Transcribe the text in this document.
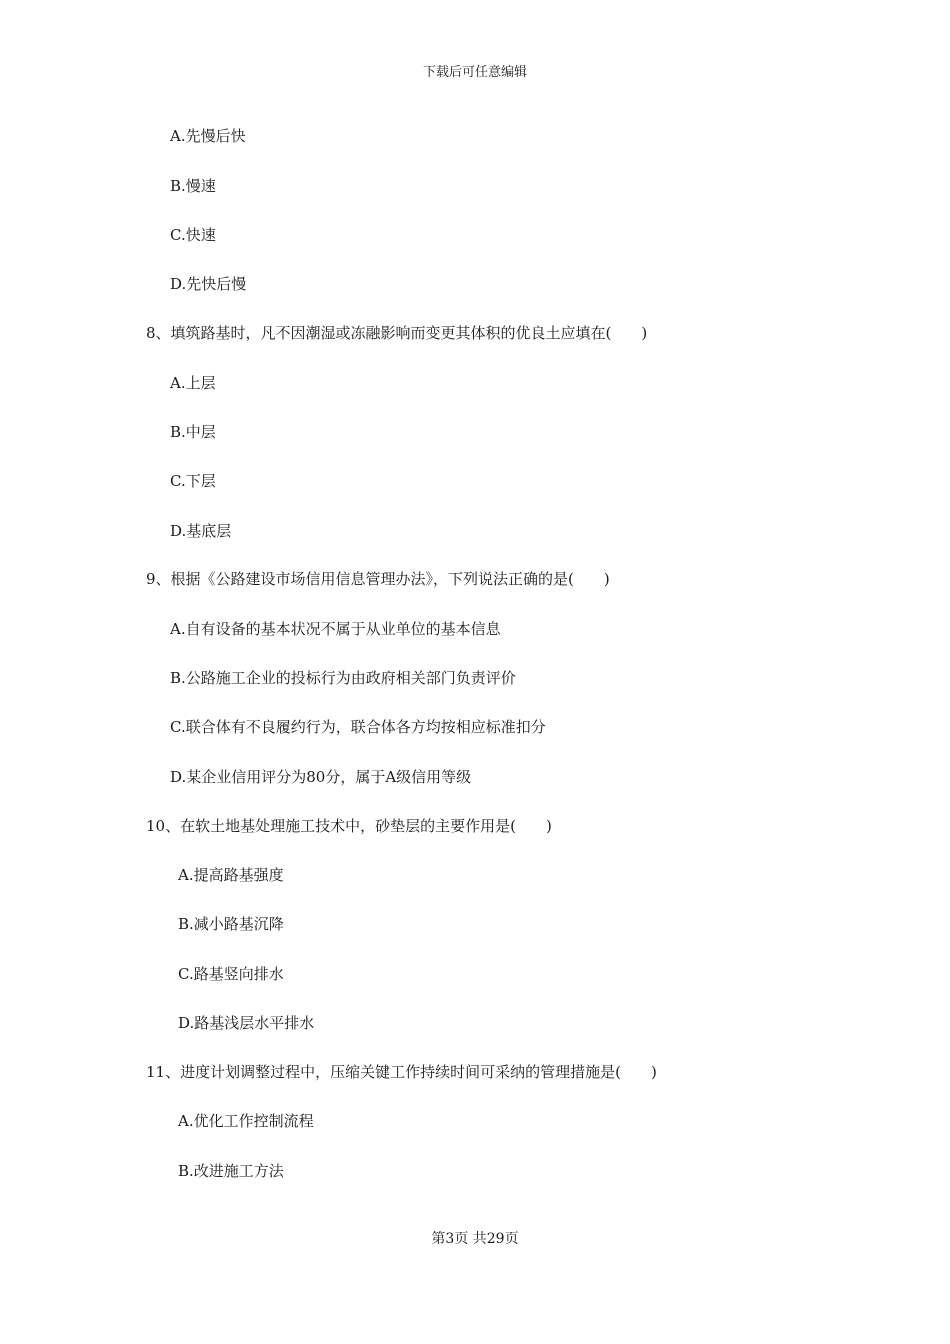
下载后可任意编辑
A.先慢后快
B.慢速
C.快速
D.先快后慢
8、填筑路基时，凡不因潮湿或冻融影响而变更其体积的优良土应填在(　　)
A.上层
B.中层
C.下层
D.基底层
9、根据《公路建设市场信用信息管理办法》，下列说法正确的是(　　)
A.自有设备的基本状况不属于从业单位的基本信息
B.公路施工企业的投标行为由政府相关部门负责评价
C.联合体有不良履约行为，联合体各方均按相应标准扣分
D.某企业信用评分为80分，属于A级信用等级
10、在软土地基处理施工技术中，砂垫层的主要作用是(　　)
A.提高路基强度
B.减小路基沉降
C.路基竖向排水
D.路基浅层水平排水
11、进度计划调整过程中，压缩关键工作持续时间可采纳的管理措施是(　　)
A.优化工作控制流程
B.改进施工方法
第3页 共29页
